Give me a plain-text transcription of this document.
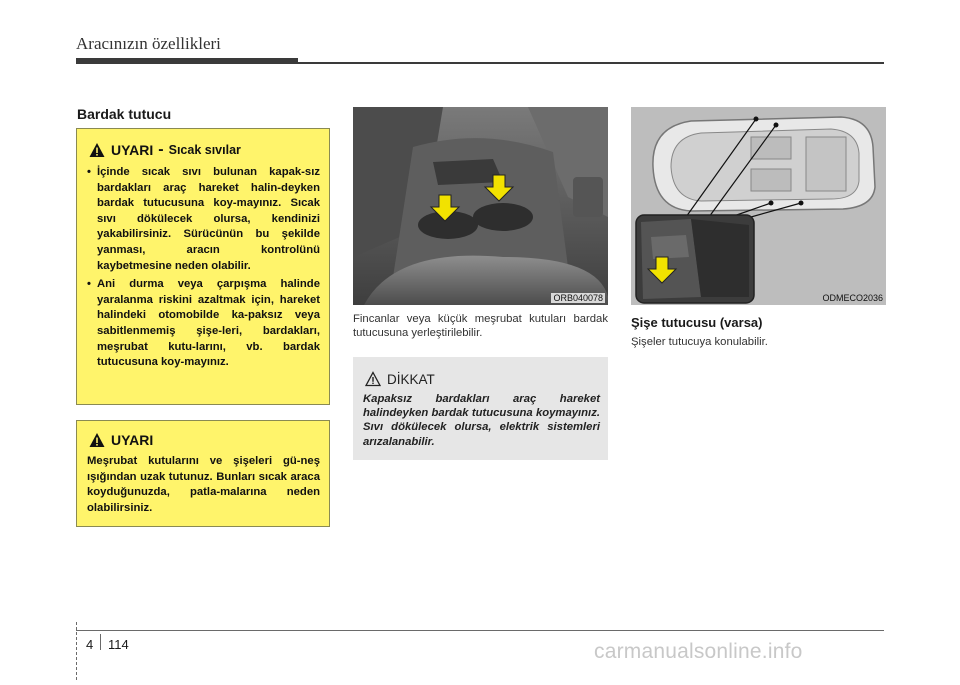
Aracınızın özellikleri
Bardak tutucu
UYARI - Sıcak sıvılar

• İçinde sıcak sıvı bulunan kapak-sız bardakları araç hareket halin-deyken bardak tutucusuna koy-mayınız. Sıcak sıvı dökülecek olursa, kendinizi yakabilirsiniz. Sürücünün bu şekilde yanması, aracın kontrolünü kaybetmesine neden olabilir.

• Ani durma veya çarpışma halinde yaralanma riskini azaltmak için, hareket halindeki otomobilde ka-paksız veya sabitlenmemiş şişe-leri, bardakları, meşrubat kutu-larını, vb. bardak tutucusuna koy-mayınız.

UYARI
Meşrubat kutularını ve şişeleri gü-neş ışığından uzak tutunuz. Bunları sıcak araca koyduğunuzda, patla-malarına neden olabilirsiniz.
ORB040078
Fincanlar veya küçük meşrubat kutuları bardak tutucusuna yerleştirilebilir.
DİKKAT
Kapaksız bardakları araç hareket halindeyken bardak tutucusuna koymayınız. Sıvı dökülecek olursa, elektrik sistemleri arızalanabilir.
ODMECO2036
Şişe tutucusu (varsa)
Şişeler tutucuya konulabilir.
4 114	carmanualsonline.info
